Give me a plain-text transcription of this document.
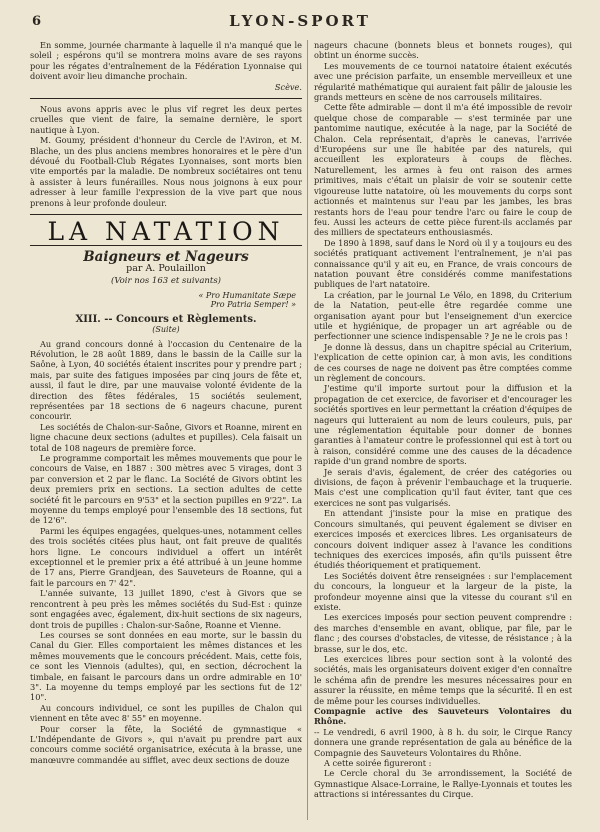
6	LYON-SPORT

En somme, journée charmante à laquelle il n'a manqué que le soleil ; espérons qu'il se montrera moins avare de ses rayons pour les régates d'entraînement de la Fédération Lyonnaise qui doivent avoir lieu dimanche prochain.

Scève.

Nous avons appris avec le plus vif regret les deux pertes cruelles que vient de faire, la semaine dernière, le sport nautique à Lyon.

M. Goumy, président d'honneur du Cercle de l'Aviron, et M. Blache, un des plus anciens membres honoraires et le père d'un dévoué du Football-Club Régates Lyonnaises, sont morts bien vite emportés par la maladie. De nombreux sociétaires ont tenu à assister à leurs funérailles. Nous nous joignons à eux pour adresser à leur famille l'expression de la vive part que nous prenons à leur profonde douleur.

LA NATATION
Baigneurs et Nageurs
par A. Poulaillon
(Voir nos 163 et suivants)
« Pro Humanitate Sæpe
Pro Patria Semper! »
XIII. -- Concours et Règlements.
(Suite)

Au grand concours donné à l'occasion du Centenaire de la Révolution, le 28 août 1889, dans le bassin de la Caille sur la Saône, à Lyon, 40 sociétés étaient inscrites pour y prendre part ; mais, par suite des fatigues imposées par cinq jours de fête et, aussi, il faut le dire, par une mauvaise volonté évidente de la direction des fêtes fédérales, 15 sociétés seulement, représentées par 18 sections de 6 nageurs chacune, purent concourir.

Les sociétés de Chalon-sur-Saône, Givors et Roanne, mirent en ligne chacune deux sections (adultes et pupilles). Cela faisait un total de 108 nageurs de première force.

Le programme comportait les mêmes mouvements que pour le concours de Vaise, en 1887 : 300 mètres avec 5 virages, dont 3 par conversion et 2 par le flanc. La Société de Givors obtint les deux premiers prix en sections. La section adultes de cette société fit le parcours en 9'53" et la section pupilles en 9'22". La moyenne du temps employé pour l'ensemble des 18 sections, fut de 12'6".

Parmi les équipes engagées, quelques-unes, notamment celles des trois sociétés citées plus haut, ont fait preuve de qualités hors ligne. Le concours individuel a offert un intérêt exceptionnel et le premier prix a été attribué à un jeune homme de 17 ans, Pierre Grandjean, des Sauveteurs de Roanne, qui a fait le parcours en 7' 42".

L'année suivante, 13 juillet 1890, c'est à Givors que se rencontrent à peu près les mêmes sociétés du Sud-Est : quinze sont engagées avec, également, dix-huit sections de six nageurs, dont trois de pupilles : Chalon-sur-Saône, Roanne et Vienne.

Les courses se sont données en eau morte, sur le bassin du Canal du Gier. Elles comportaient les mêmes distances et les mêmes mouvements que le concours précédent. Mais, cette fois, ce sont les Viennois (adultes), qui, en section, décrochent la timbale, en faisant le parcours dans un ordre admirable en 10' 3". La moyenne du temps employé par les sections fut de 12' 10".

Au concours individuel, ce sont les pupilles de Chalon qui viennent en tête avec 8' 55" en moyenne.

Pour corser la fête, la Société de gymnastique « L'Indépendante de Givors », qui n'avait pu prendre part aux concours comme société organisatrice, exécuta à la brasse, une manœuvre commandée au sifflet, avec deux sections de douze

nageurs chacune (bonnets bleus et bonnets rouges), qui obtint un énorme succès.

Les mouvements de ce tournoi natatoire étaient exécutés avec une précision parfaite, un ensemble merveilleux et une régularité mathématique qui auraient fait pâlir de jalousie les grands metteurs en scène de nos carrousels militaires.

Cette fête admirable — dont il m'a été impossible de revoir quelque chose de comparable — s'est terminée par une pantomime nautique, exécutée à la nage, par la Société de Chalon. Cela représentait, d'après le canevas, l'arrivée d'Européens sur une île habitée par des naturels, qui accueillent les explorateurs à coups de flèches. Naturellement, les armes à feu ont raison des armes primitives, mais c'était un plaisir de voir se soutenir cette vigoureuse lutte natatoire, où les mouvements du corps sont actionnés et maintenus sur l'eau par les jambes, les bras restants hors de l'eau pour tendre l'arc ou faire le coup de feu. Aussi les acteurs de cette pièce furent-ils acclamés par des milliers de spectateurs enthousiasmés.

De 1890 à 1898, sauf dans le Nord où il y a toujours eu des sociétés pratiquant activement l'entraînement, je n'ai pas connaissance qu'il y ait eu, en France, de vrais concours de natation pouvant être considérés comme manifestations publiques de l'art natatoire.

La création, par le journal Le Vélo, en 1898, du Criterium de la Natation, peut-elle être regardée comme une organisation ayant pour but l'enseignement d'un exercice utile et hygiénique, de propager un art agréable ou de perfectionner une science indispensable ? Je ne le crois pas !

Je donne là dessus, dans un chapitre spécial au Criterium, l'explication de cette opinion car, à mon avis, les conditions de ces courses de nage ne doivent pas être comptées comme un règlement de concours.

J'estime qu'il importe surtout pour la diffusion et la propagation de cet exercice, de favoriser et d'encourager les sociétés sportives en leur permettant la création d'équipes de nageurs qui lutteraient au nom de leurs couleurs, puis, par une réglementation équitable pour donner de bonnes garanties à l'amateur contre le professionnel qui est à tort ou à raison, considéré comme une des causes de la décadence rapide d'un grand nombre de sports.

Je serais d'avis, également, de créer des catégories ou divisions, de façon à prévenir l'embauchage et la truquerie. Mais c'est une complication qu'il faut éviter, tant que ces exercices ne sont pas vulgarisés.

En attendant j'insiste pour la mise en pratique des Concours simultanés, qui peuvent également se diviser en exercices imposés et exercices libres. Les organisateurs de concours doivent indiquer assez à l'avance les conditions techniques des exercices imposés, afin qu'ils puissent être étudiés théoriquement et pratiquement.

Les Sociétés doivent être renseignées : sur l'emplacement du concours, la longueur et la largeur de la piste, la profondeur moyenne ainsi que la vitesse du courant s'il en existe.

Les exercices imposés pour section peuvent comprendre : des marches d'ensemble en avant, oblique, par file, par le flanc ; des courses d'obstacles, de vitesse, de résistance ; à la brasse, sur le dos, etc.

Les exercices libres pour section sont à la volonté des sociétés, mais les organisateurs doivent exiger d'en connaître le schéma afin de prendre les mesures nécessaires pour en assurer la réussite, en même temps que la sécurité. Il en est de même pour les courses individuelles.

Compagnie active des Sauveteurs Volontaires du Rhône.

-- Le vendredi, 6 avril 1900, à 8 h. du soir, le Cirque Rancy donnera une grande représentation de gala au bénéfice de la Compagnie des Sauveteurs Volontaires du Rhône.

A cette soirée figureront :

Le Cercle choral du 3e arrondissement, la Société de Gymnastique Alsace-Lorraine, le Rallye-Lyonnais et toutes les attractions si intéressantes du Cirque.
